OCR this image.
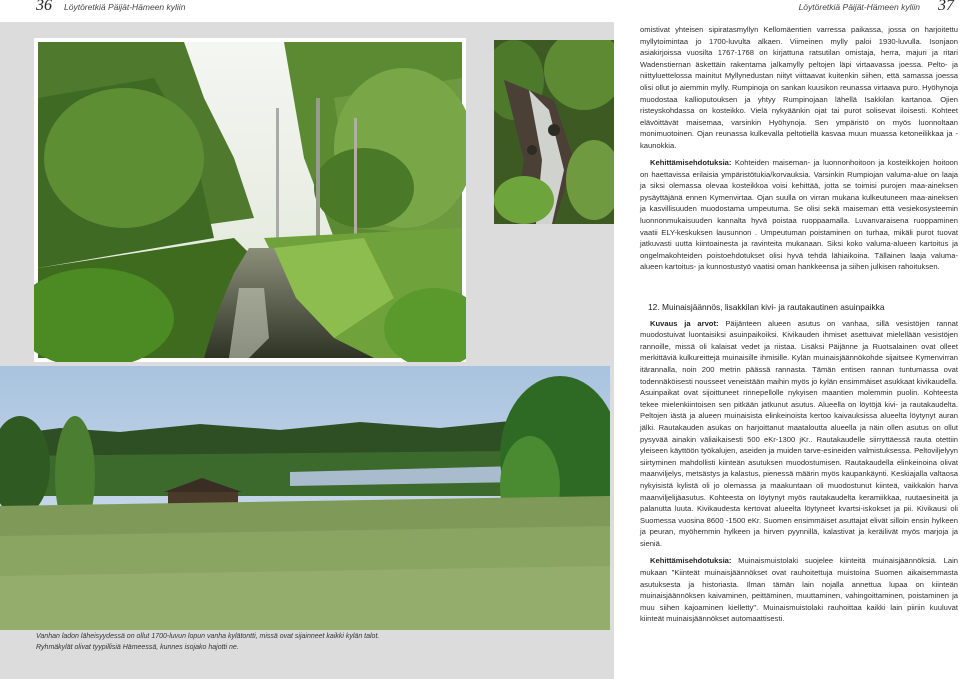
36 Löytöretkiä Päijät-Hämeen kyliin	Löytöretkiä Päijät-Hämeen kyliin 37
Vanhan ladon läheisyydessä on ollut 1700-luvun lopun vanha kylätontti, missä ovat sijainneet kaikki kylän talot.
Ryhmäkylät olivat tyypillisiä Hämeessä, kunnes isojako hajotti ne.

omistivat yhteisen sipiratasmyllyn Kellomäentien varressa paikassa, jossa on harjoitettu myllytoimintaa jo 1700-luvulta alkaen. Viimeinen mylly paloi 1930-luvulla. Isonjaon asiakirjoissa vuosilta 1767-1768 on kirjattuna ratsutilan omistaja, herra, majuri ja ritari Wadenstiernan äskettäin rakentama jalkamylly peltojen läpi virtaavassa joessa. Pelto- ja niittyluettelossa mainitut Myllynedustan niityt viittaavat kuitenkin siihen, että samassa joessa olisi ollut jo aiemmin mylly. Rumpinoja on sankan kuusikon reunassa virtaava puro. Hyöhynoja muodostaa kallioputouksen ja yhtyy Rumpinojaan lähellä Isakkilan kartanoa. Ojien risteyskohdassa on kosteikko. Vielä nykyäänkin ojat tai purot solisevat iloisesti. Kohteet elävöittävät maisemaa, varsinkin Hyöhynoja. Sen ympäristö on myös luonnoltaan monimuotoinen. Ojan reunassa kulkevalla peltotiellä kasvaa muun muassa ketoneilikkaa ja -kaunokkia.

Kehittämisehdotuksia: Kohteiden maiseman- ja luonnonhoitoon ja kosteikkojen hoitoon on haettavissa erilaisia ympäristötukia/korvauksia. Varsinkin Rumpiojan valuma-alue on laaja ja siksi olemassa olevaa kosteikkoa voisi kehittää, jotta se toimisi purojen maa-aineksen pysäyttäjänä ennen Kymenvirtaa. Ojan suulla on virran mukana kulkeutuneen maa-aineksen ja kasvillisuuden muodostama umpeutuma. Se olisi sekä maiseman että vesiekosysteemin luonnonmukaisuuden kannalta hyvä poistaa ruoppaamalla. Luvanvaraisena ruoppaminen vaatii ELY-keskuksen lausunnon . Umpeutuman poistaminen on turhaa, mikäli purot tuovat jatkuvasti uutta kiintoainesta ja ravinteita mukanaan. Siksi koko valuma-alueen kartoitus ja ongelmakohteiden poistoehdotukset olisi hyvä tehdä lähiaikoina. Tällainen laaja valuma-alueen kartoitus- ja kunnostustyö vaatisi oman hankkeensa ja siihen julkisen rahoituksen.

12. Muinaisjäännös, lisakkilan kivi- ja rautakautinen asuinpaikka

Kuvaus ja arvot: Päijänteen alueen asutus on vanhaa, sillä vesistöjen rannat muodostuivat luontaisiksi asuinpaikoiksi. Kivikauden ihmiset asettuivat mielellään vesistöjen rannoille, missä oli kalaisat vedet ja riistaa. Lisäksi Päijänne ja Ruotsalainen ovat olleet merkittäviä kulkureittejä muinaisille ihmisille. Kylän muinaisjäännökohde sijaitsee Kymenvirran itärannalla, noin 200 metrin päässä rannasta. Tämän entisen rannan tuntumassa ovat todennäköisesti nousseet veneistään maihin myös jo kylän ensimmäiset asukkaat kivikaudella. Asuinpaikat ovat sijoittuneet rinnepellolle nykyisen maantien molemmin puolin. Kohteesta tekee mielenkiintoisen sen pitkään jatkunut asutus. Alueella on löytöjä kivi- ja rautakaudelta. Peltojen iästä ja alueen muinaisista elinkeinoista kertoo kaivauksissa alueelta löytynyt auran jälki. Rautakauden asukas on harjoittanut maataloutta alueella ja näin ollen asutus on ollut pysyvää ainakin väliaikaisesti 500 eKr-1300 jKr.. Rautakaudelle siirryttäessä rauta otettiin yleiseen käyttöön työkalujen, aseiden ja muiden tarve-esineiden valmistuksessa. Peltoviljelyyn siirtyminen mahdollisti kiinteän asutuksen muodostumisen. Rautakaudella elinkeinoina olivat maanviljelys, metsästys ja kalastus, pienessä määrin myös kaupankäynti. Keskiajalla valtaosa nykyisistä kylistä oli jo olemassa ja maakuntaan oli muodostunut kiinteä, vaikkakin harva maanviljelijäasutus. Kohteesta on löytynyt myös rautakaudelta keramiikkaa, ruutaesineitä ja palanutta luuta. Kivikaudesta kertovat alueelta löytyneet kvartsi-iskokset ja pii. Kivikausi oli Suomessa vuosina 8600 -1500 eKr. Suomen ensimmäiset asuttajat elivät silloin ensin hylkeen ja peuran, myöhemmin hylkeen ja hirven pyynnillä, kalastivat ja keräilivät myös marjoja ja sieniä.

Kehittämisehdotuksia: Muinaismuistolaki suojelee kiinteitä muinaisjäännöksiä. Lain mukaan "Kiinteät muinaisjäännökset ovat rauhoitettuja muistoina Suomen aikaisemmasta asutuksesta ja historiasta. Ilman tämän lain nojalla annettua lupaa on kiinteän muinaisjäännöksen kaivaminen, peittäminen, muuttaminen, vahingoittaminen, poistaminen ja muu siihen kajoaminen kielletty". Muinaismuistolaki rauhoittaa kaikki lain piiriin kuuluvat kiinteät muinaisjäännökset automaattisesti.
